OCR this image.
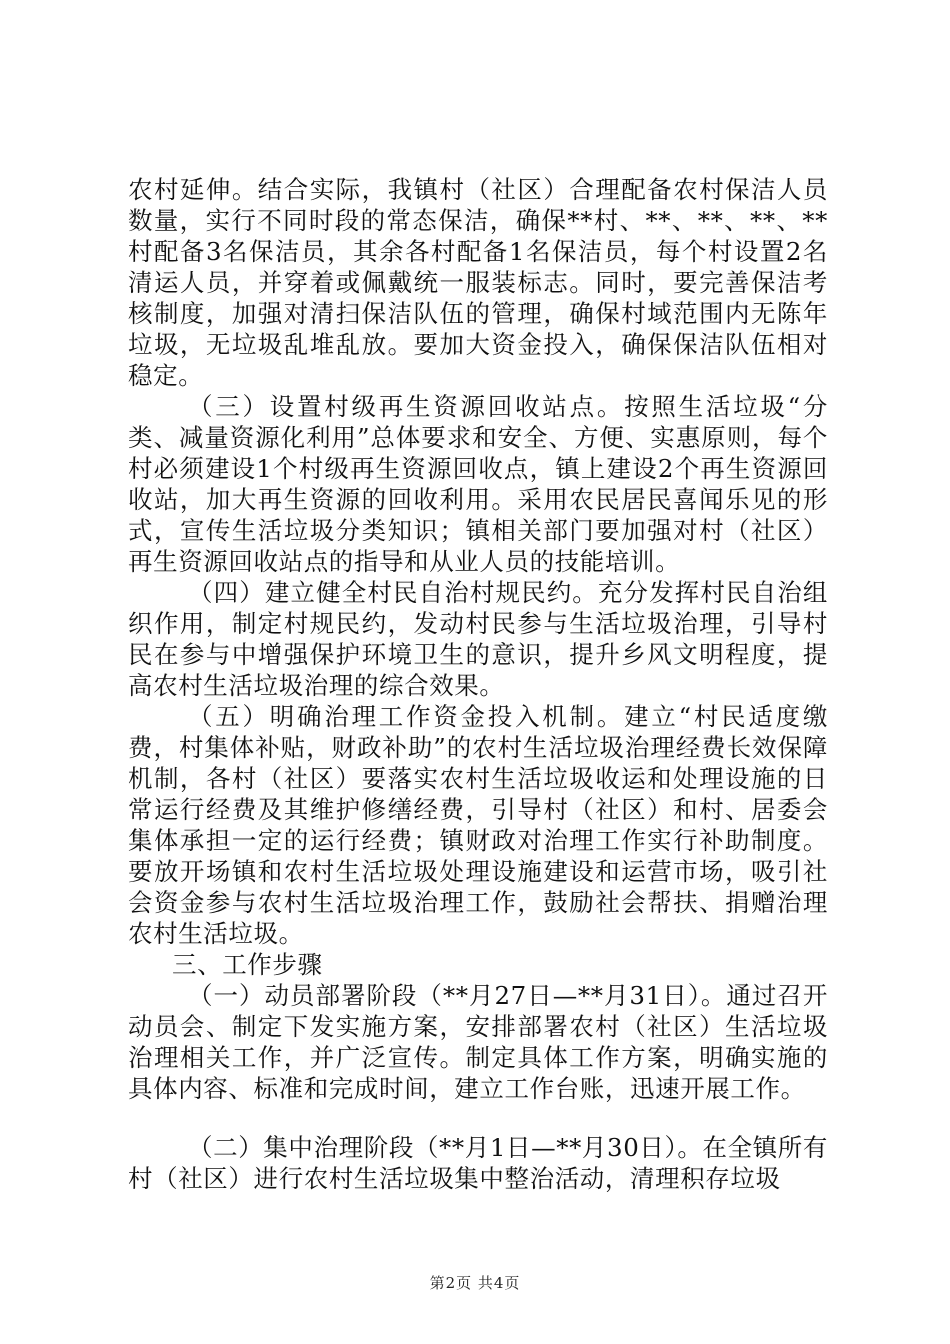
农村延伸。结合实际，我镇村（社区）合理配备农村保洁人员数量，实行不同时段的常态保洁，确保**村、**、**、**、**村配备3名保洁员，其余各村配备1名保洁员，每个村设置2名清运人员，并穿着或佩戴统一服装标志。同时，要完善保洁考核制度，加强对清扫保洁队伍的管理，确保村域范围内无陈年垃圾，无垃圾乱堆乱放。要加大资金投入，确保保洁队伍相对稳定。

（三）设置村级再生资源回收站点。按照生活垃圾“分类、减量资源化利用”总体要求和安全、方便、实惠原则，每个村必须建设1个村级再生资源回收点，镇上建设2个再生资源回收站，加大再生资源的回收利用。采用农民居民喜闻乐见的形式，宣传生活垃圾分类知识；镇相关部门要加强对村（社区）再生资源回收站点的指导和从业人员的技能培训。

（四）建立健全村民自治村规民约。充分发挥村民自治组织作用，制定村规民约，发动村民参与生活垃圾治理，引导村民在参与中增强保护环境卫生的意识，提升乡风文明程度，提高农村生活垃圾治理的综合效果。

（五）明确治理工作资金投入机制。建立“村民适度缴费，村集体补贴，财政补助”的农村生活垃圾治理经费长效保障机制，各村（社区）要落实农村生活垃圾收运和处理设施的日常运行经费及其维护修缮经费，引导村（社区）和村、居委会集体承担一定的运行经费；镇财政对治理工作实行补助制度。要放开场镇和农村生活垃圾处理设施建设和运营市场，吸引社会资金参与农村生活垃圾治理工作，鼓励社会帮扶、捐赠治理农村生活垃圾。

三、工作步骤

（一）动员部署阶段（**月27日—**月31日）。通过召开动员会、制定下发实施方案，安排部署农村（社区）生活垃圾治理相关工作，并广泛宣传。制定具体工作方案，明确实施的具体内容、标准和完成时间，建立工作台账，迅速开展工作。

（二）集中治理阶段（**月1日—**月30日）。在全镇所有村（社区）进行农村生活垃圾集中整治活动，清理积存垃圾

第2页 共4页
